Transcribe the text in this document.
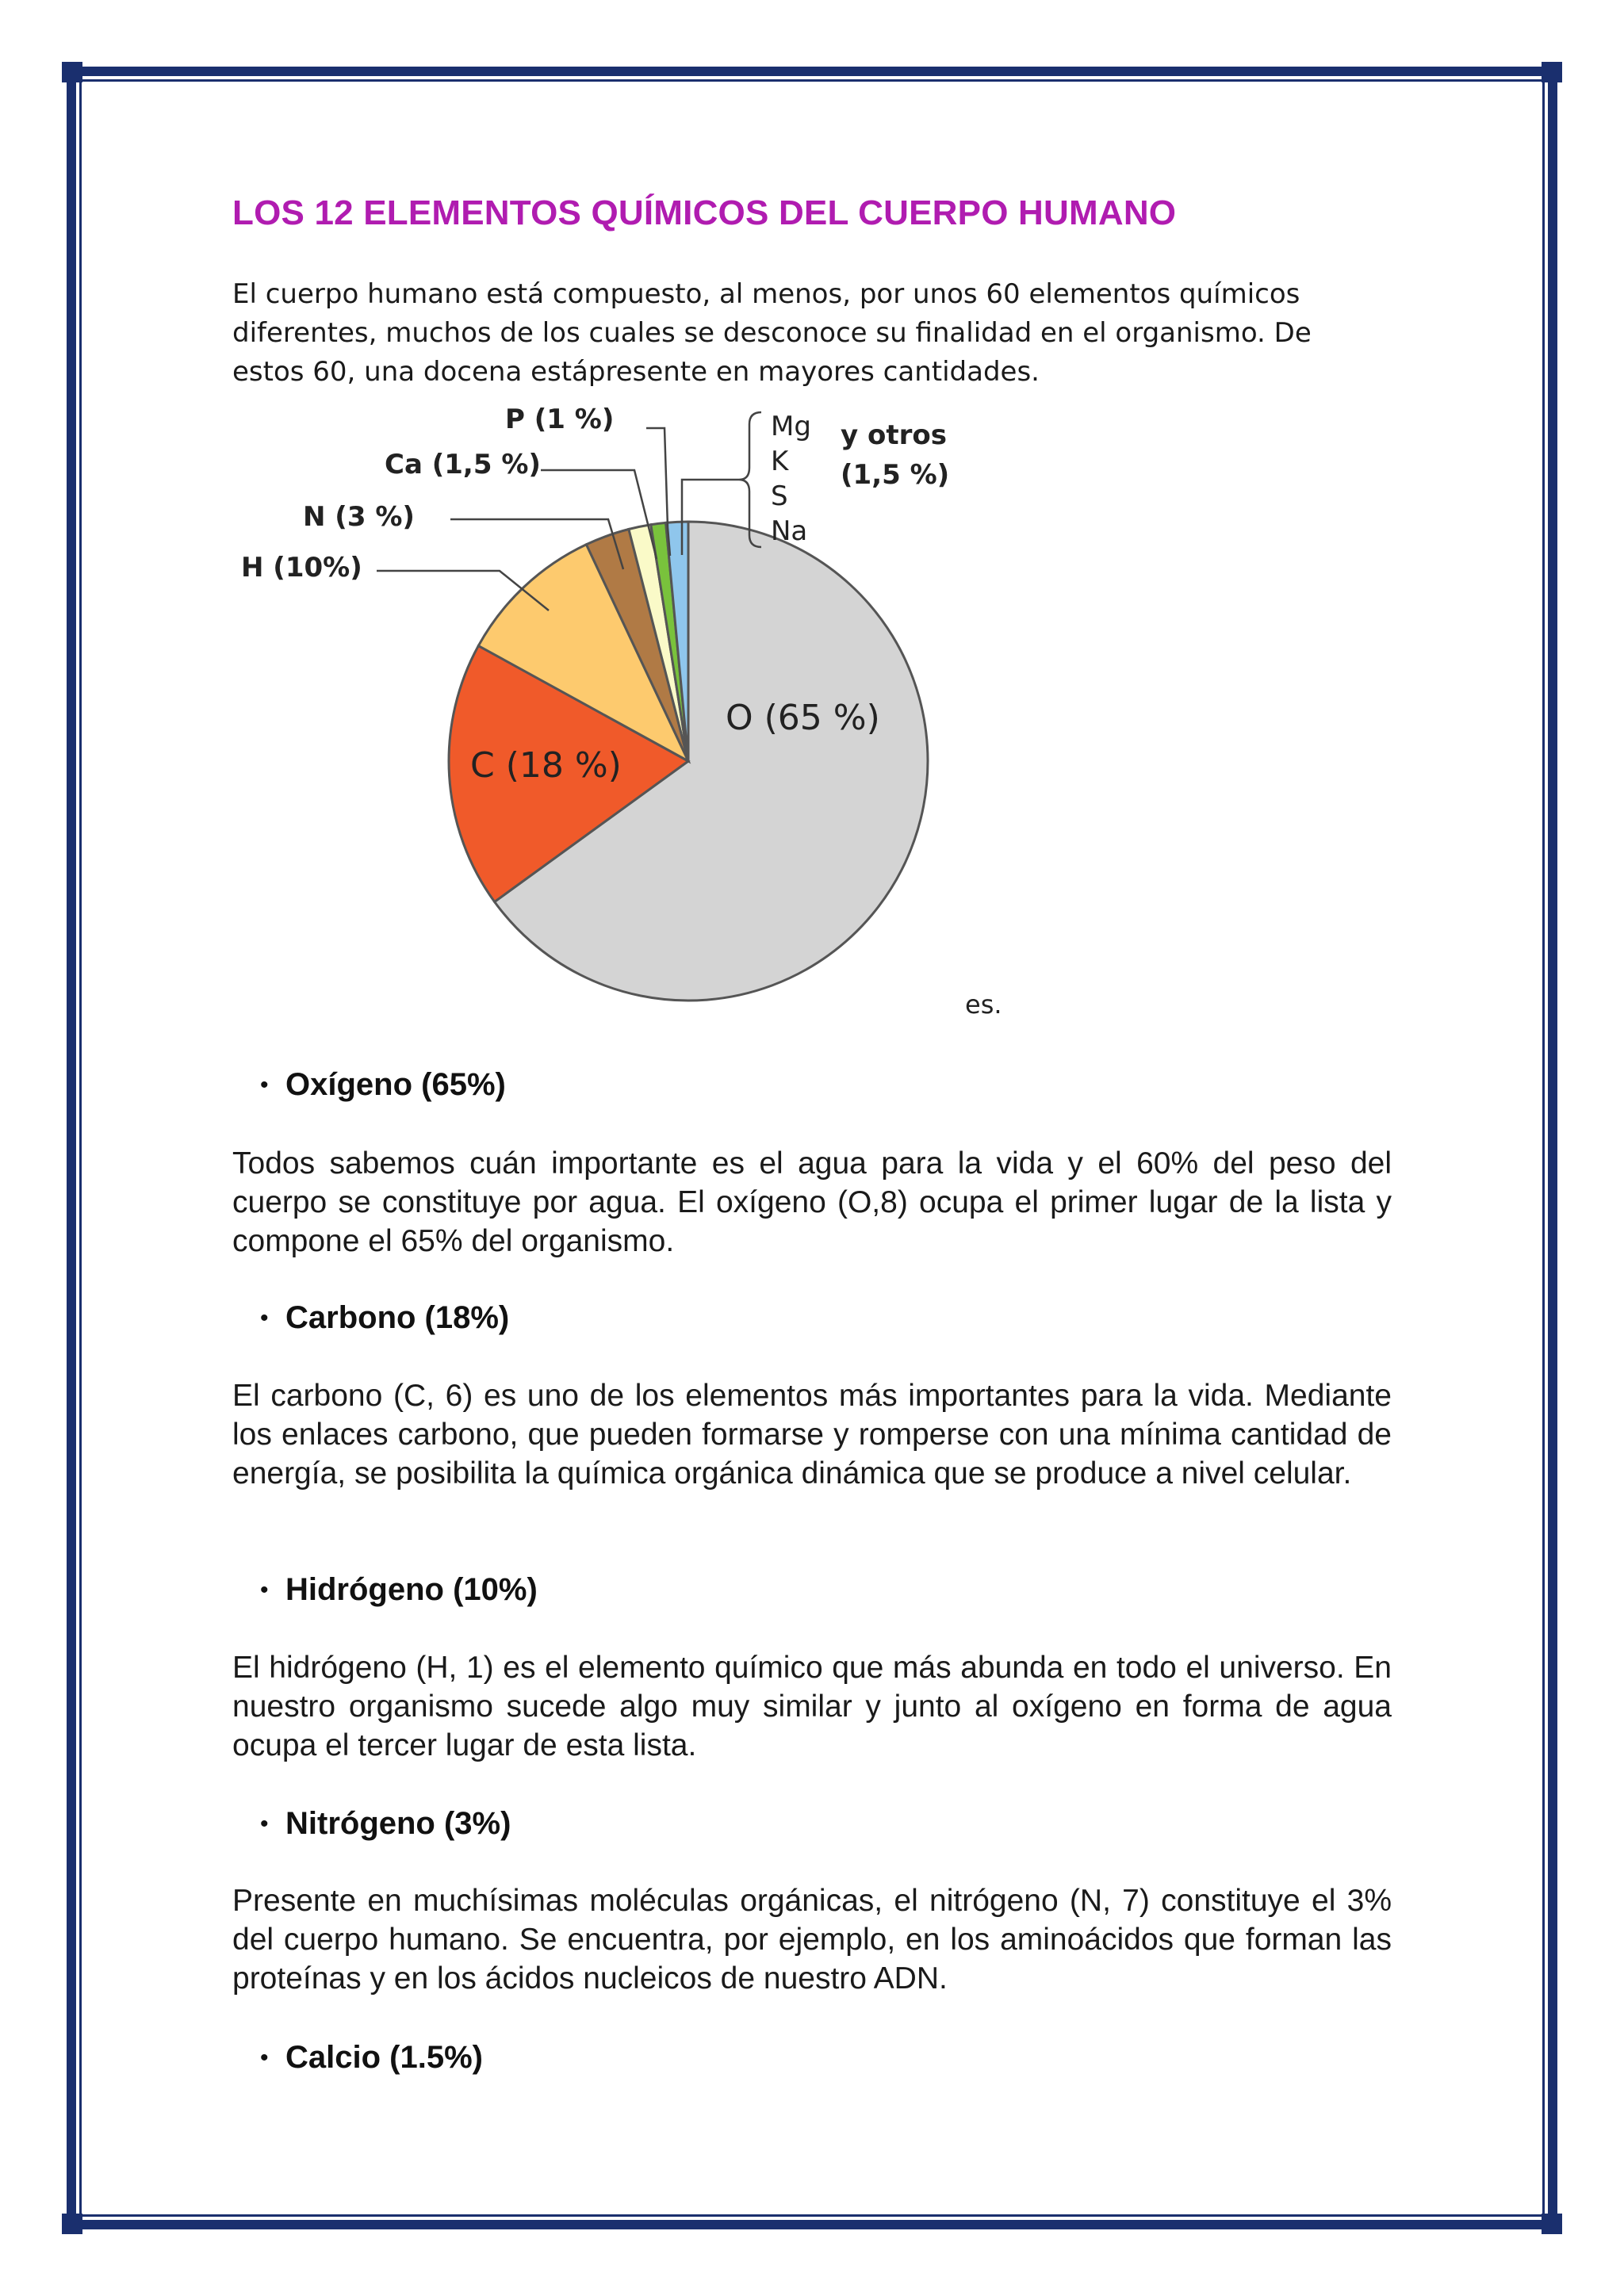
LOS 12 ELEMENTOS QUÍMICOS DEL CUERPO HUMANO
El cuerpo humano está compuesto, al menos, por unos 60 elementos químicos diferentes, muchos de los cuales se desconoce su finalidad en el organismo. De estos 60, una docena estápresente en mayores cantidades.
O (65 %)
C (18 %)
H (10%)
N (3 %)
Ca (1,5 %)
P (1 %)	Mg
K
S
Na
y otros
(1,5 %)
es.
• Oxígeno (65%)
Todos sabemos cuán importante es el agua para la vida y el 60% del peso del cuerpo se constituye por agua. El oxígeno (O,8) ocupa el primer lugar de la lista y compone el 65% del organismo.
• Carbono (18%)
El carbono (C, 6) es uno de los elementos más importantes para la vida. Mediante los enlaces carbono, que pueden formarse y romperse con una mínima cantidad de energía, se posibilita la química orgánica dinámica que se produce a nivel celular.
• Hidrógeno (10%)
El hidrógeno (H, 1) es el elemento químico que más abunda en todo el universo. En nuestro organismo sucede algo muy similar y junto al oxígeno en forma de agua ocupa el tercer lugar de esta lista.
• Nitrógeno (3%)
Presente en muchísimas moléculas orgánicas, el nitrógeno (N, 7) constituye el 3% del cuerpo humano. Se encuentra, por ejemplo, en los aminoácidos que forman las proteínas y en los ácidos nucleicos de nuestro ADN.
• Calcio (1.5%)
